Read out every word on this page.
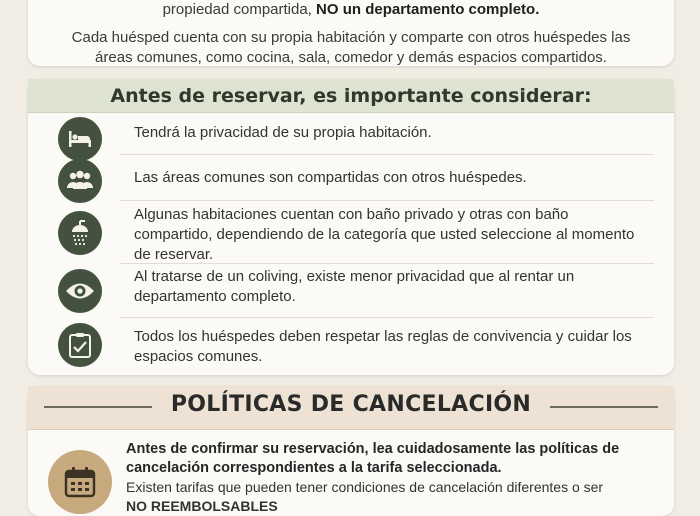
propiedad compartida, NO un departamento completo.
Cada huésped cuenta con su propia habitación y comparte con otros huéspedes las áreas comunes, como cocina, sala, comedor y demás espacios compartidos.
Antes de reservar, es importante considerar:
Tendrá la privacidad de su propia habitación.
Las áreas comunes son compartidas con otros huéspedes.
Algunas habitaciones cuentan con baño privado y otras con baño compartido, dependiendo de la categoría que usted seleccione al momento de reservar.
Al tratarse de un coliving, existe menor privacidad que al rentar un departamento completo.
Todos los huéspedes deben respetar las reglas de convivencia y cuidar los espacios comunes.
POLÍTICAS DE CANCELACIÓN
Antes de confirmar su reservación, lea cuidadosamente las políticas de cancelación correspondientes a la tarifa seleccionada.
Existen tarifas que pueden tener condiciones de cancelación diferentes o ser
NO REEMBOLSABLES
